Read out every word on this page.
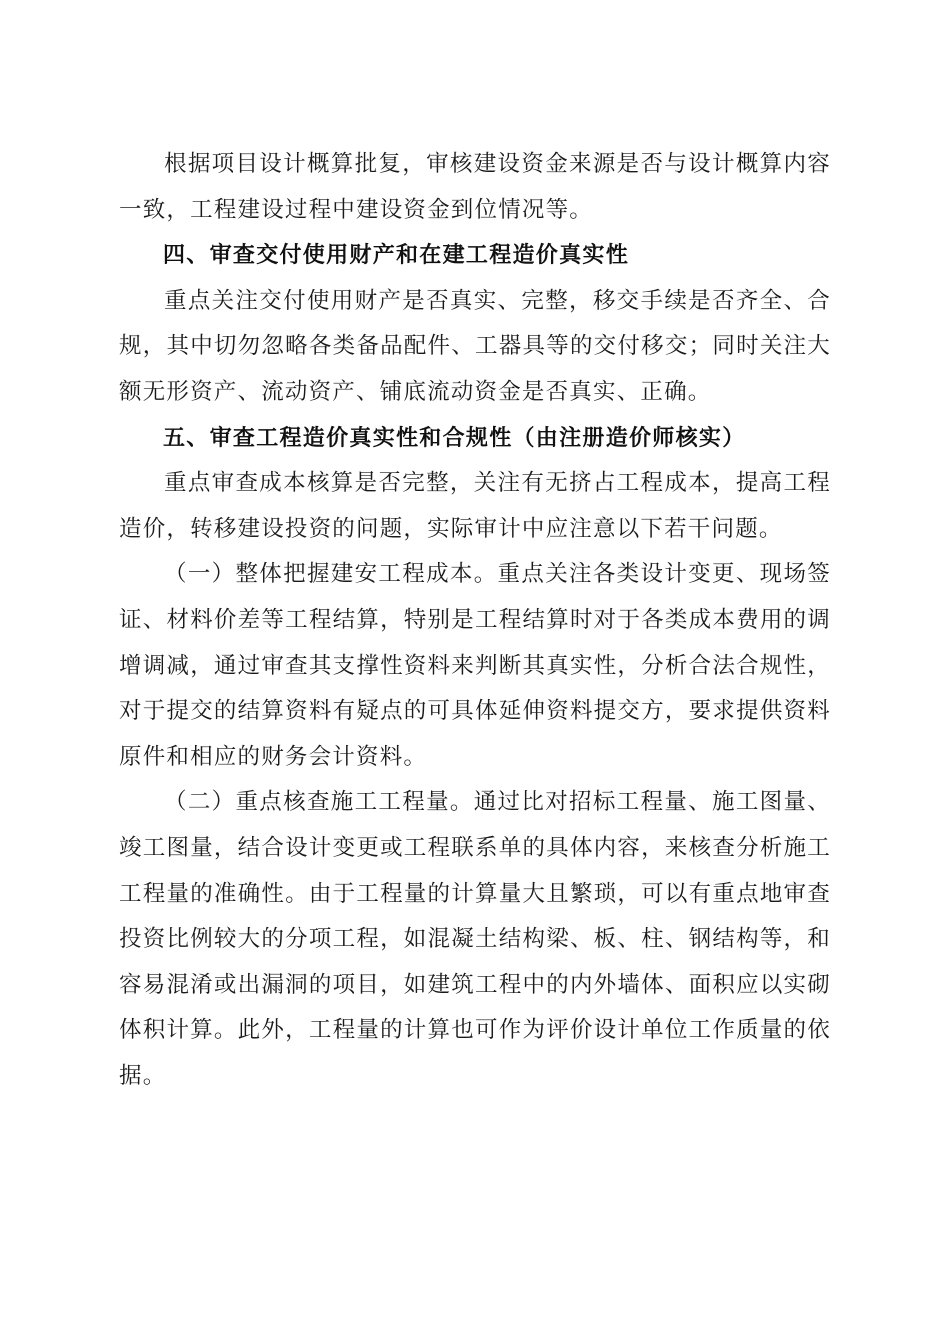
根据项目设计概算批复，审核建设资金来源是否与设计概算内容一致，工程建设过程中建设资金到位情况等。

四、审查交付使用财产和在建工程造价真实性

重点关注交付使用财产是否真实、完整，移交手续是否齐全、合规，其中切勿忽略各类备品配件、工器具等的交付移交；同时关注大额无形资产、流动资产、铺底流动资金是否真实、正确。

五、审查工程造价真实性和合规性（由注册造价师核实）

重点审查成本核算是否完整，关注有无挤占工程成本，提高工程造价，转移建设投资的问题，实际审计中应注意以下若干问题。

（一）整体把握建安工程成本。重点关注各类设计变更、现场签证、材料价差等工程结算，特别是工程结算时对于各类成本费用的调增调减，通过审查其支撑性资料来判断其真实性，分析合法合规性，对于提交的结算资料有疑点的可具体延伸资料提交方，要求提供资料原件和相应的财务会计资料。

（二）重点核查施工工程量。通过比对招标工程量、施工图量、竣工图量，结合设计变更或工程联系单的具体内容，来核查分析施工工程量的准确性。由于工程量的计算量大且繁琐，可以有重点地审查投资比例较大的分项工程，如混凝土结构梁、板、柱、钢结构等，和容易混淆或出漏洞的项目，如建筑工程中的内外墙体、面积应以实砌体积计算。此外，工程量的计算也可作为评价设计单位工作质量的依据。
